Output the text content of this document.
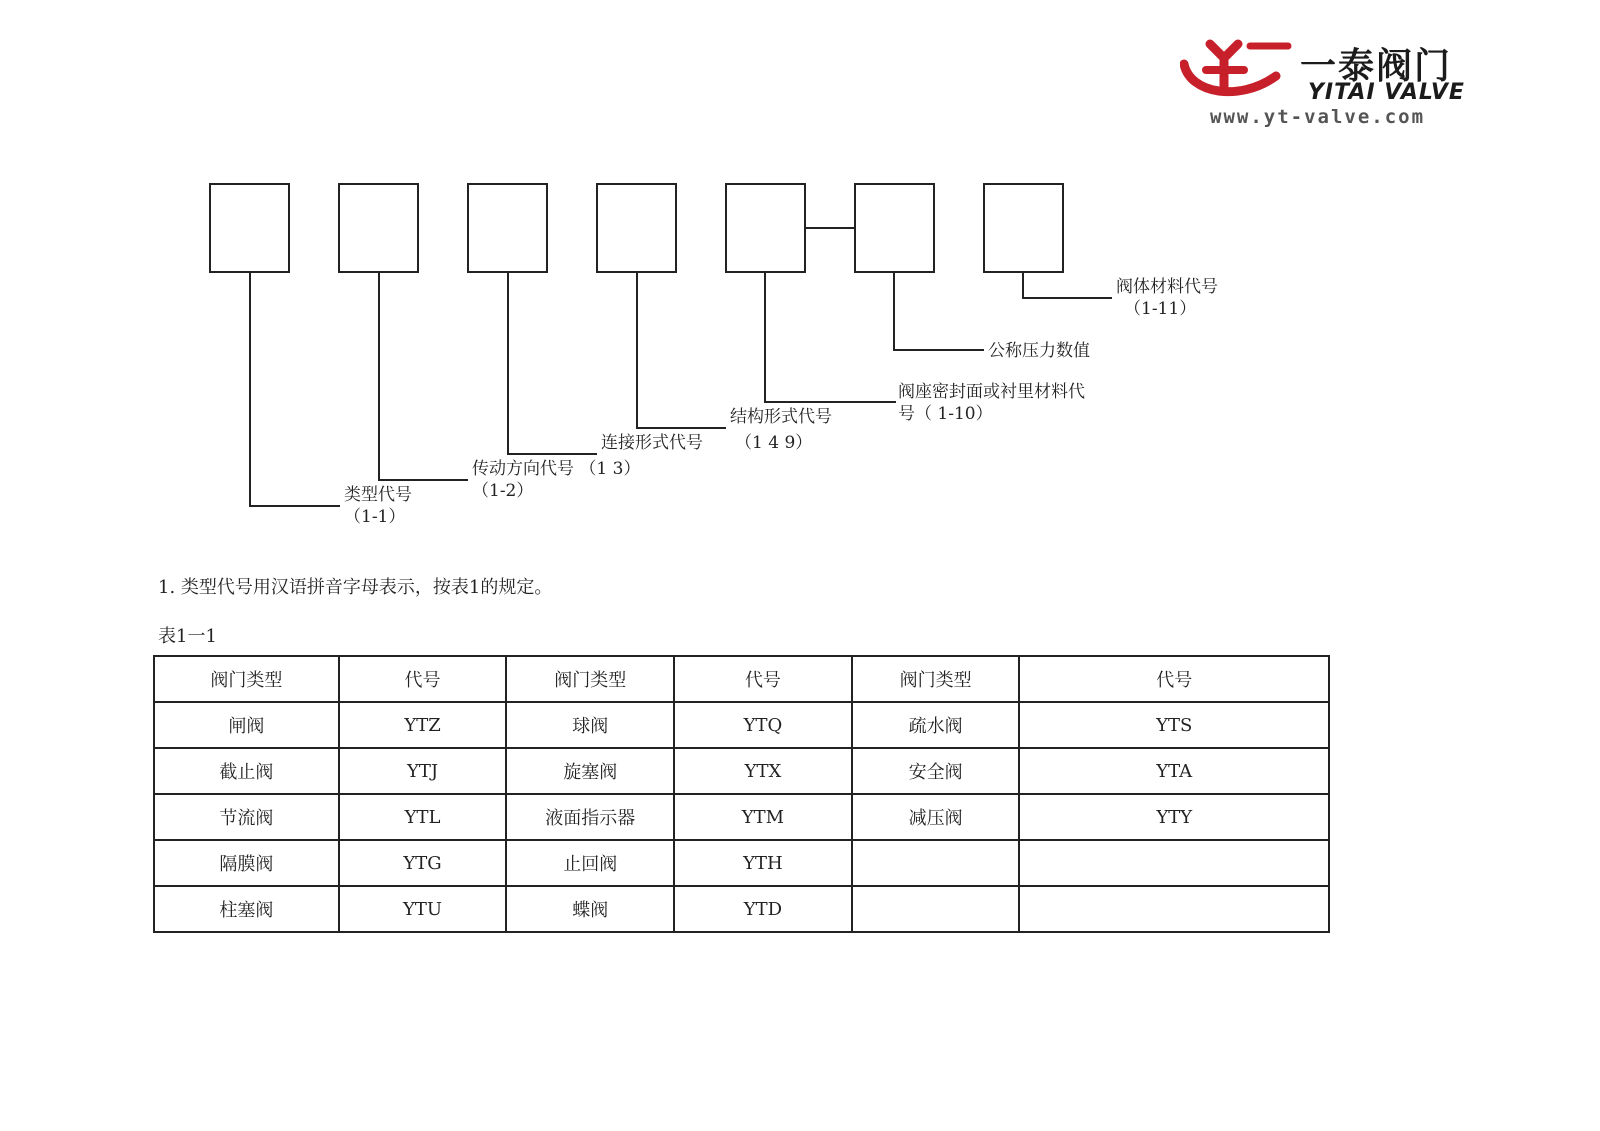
一泰阀门
YITAI VALVE
www.yt-valve.com
类型代号
（1-1）
传动方向代号 （1 3）
（1-2）
连接形式代号
结构形式代号
（1 4 9）
阀座密封面或衬里材料代
号（ 1-10）
公称压力数值
阀体材料代号
（1-11）
1. 类型代号用汉语拼音字母表示，按表1的规定。
表1一1
阀门类型	代号	阀门类型	代号	阀门类型	代号
闸阀	YTZ	球阀	YTQ	疏水阀	YTS
截止阀	YTJ	旋塞阀	YTX	安全阀	YTA
节流阀	YTL	液面指示器	YTM	减压阀	YTY
隔膜阀	YTG	止回阀	YTH		
柱塞阀	YTU	蝶阀	YTD		
